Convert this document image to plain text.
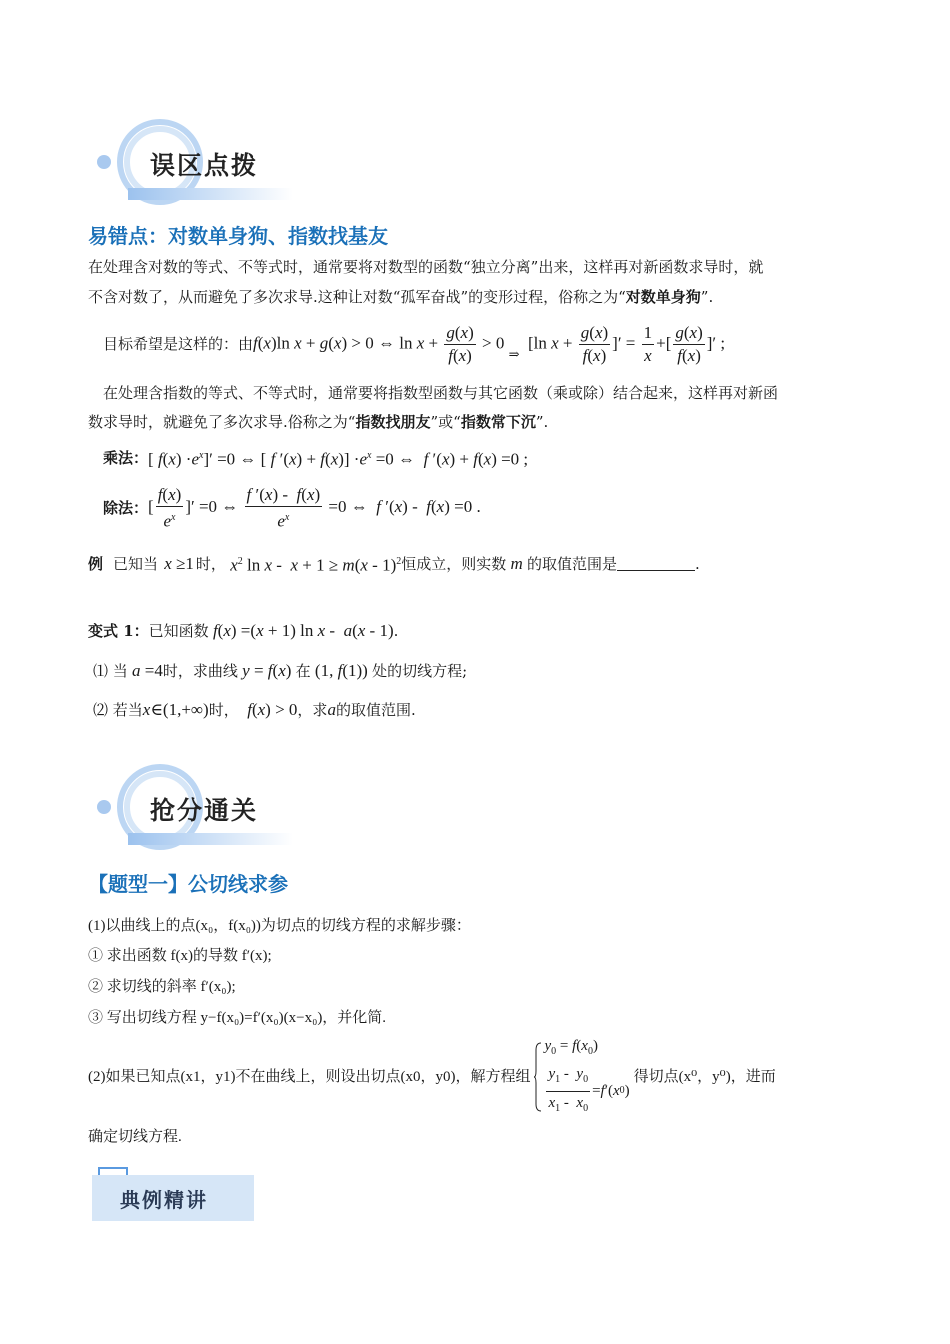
误区点拨
易错点：对数单身狗、指数找基友
在处理含对数的等式、不等式时，通常要将对数型的函数“独立分离”出来，这样再对新函数求导时，就
不含对数了，从而避免了多次求导.这种让对数“孤军奋战”的变形过程，俗称之为“对数单身狗”.
目标希望是这样的：由 f(x)ln x + g(x) > 0 ⇔ $\ln x + \frac{g(x)}{f(x)} > 0$ $_\Rightarrow$  [ln $x + \frac{g(x)}{f(x)}$ ]′ = $\frac{1}{x}$ +[ $\frac{g(x)}{f(x)}$ ]′ ;
在处理含指数的等式、不等式时，通常要将指数型函数与其它函数（乘或除）结合起来，这样再对新函
数求导时，就避免了多次求导.俗称之为“指数找朋友”或“指数常下沉”.
乘法： [ $f(x) \cdot e^x]' =0$ ⇔ [ f $'(x) + f(x)] \cdot e^x =0$ ⇔  f ′(x) + f(x) =0 ;
除法： [ $\frac{f(x)}{e^x}$ ]′ =0 ⇔ $\frac{f '(x) - f(x)}{e^x} =0$ ⇔  f ′(x) -  f(x) =0 .
例 已知当 x ≥1 时， $x^2$ ln x -  x + 1 ≥ m(x - 1)$^2$ 恒成立，则实数 m 的取值范围是	.
变式 1： 已知函数 f(x) =(x + 1) ln x -  a(x - 1) .
⑴ 当 a =4 时，求曲线 y = f(x) 在 (1, f(1)) 处的切线方程;
⑵ 若当 x∈(1,+∞) 时， f(x) > 0 ，求 a 的取值范围.
抢分通关
【题型一】公切线求参
(1)以曲线上的点(x₀，f(x₀))为切点的切线方程的求解步骤：
① 求出函数 f(x)的导数 f′(x);
② 求切线的斜率 f′(x₀);
③ 写出切线方程 y−f(x₀)=f′(x₀)(x−x₀)，并化简.
(2)如果已知点(x1，y1)不在曲线上，则设出切点(x0，y0)，解方程组
$y_0 = f(x_0)$
$\frac{y_1 - y_0}{x_1 - x_0} = f$ ′( x 0 )
得切点(x⁰，y⁰)，进而
确定切线方程.
典例精讲
